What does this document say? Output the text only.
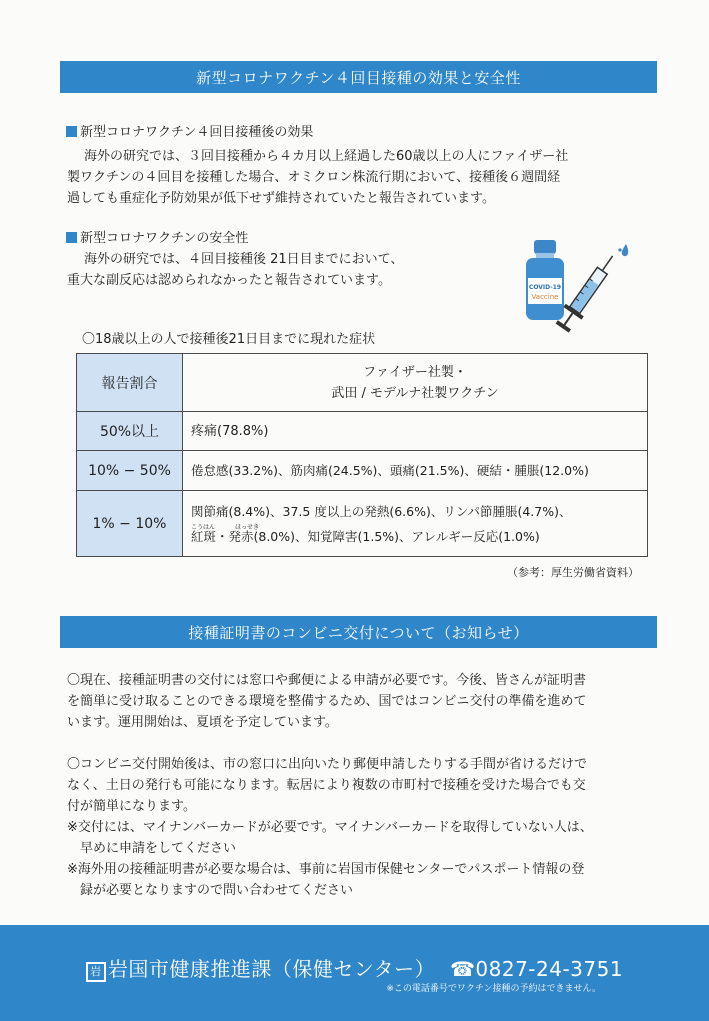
新型コロナワクチン４回目接種の効果と安全性
新型コロナワクチン４回目接種後の効果
海外の研究では、３回目接種から４カ月以上経過した60歳以上の人にファイザー社
製ワクチンの４回目を接種した場合、オミクロン株流行期において、接種後６週間経
過しても重症化予防効果が低下せず維持されていたと報告されています。
新型コロナワクチンの安全性
海外の研究では、４回目接種後 21日目までにおいて、
重大な副反応は認められなかったと報告されています。	COVID-19
Vaccine
〇18歳以上の人で接種後21日目までに現れた症状
報告割合	ファイザー社製・
武田 / モデルナ社製ワクチン

50%以上	疼痛(78.8%)
10% − 50%	倦怠感(33.2%)、筋肉痛(24.5%)、頭痛(21.5%)、硬結・腫脹(12.0%)
1% − 10%	関節痛(8.4%)、37.5 度以上の発熱(6.6%)、リンパ節腫脹(4.7%)、
こうはん ほっせき
紅斑・発赤(8.0%)、知覚障害(1.5%)、アレルギー反応(1.0%)
（参考：厚生労働省資料）
接種証明書のコンビニ交付について（お知らせ）
〇現在、接種証明書の交付には窓口や郵便による申請が必要です。今後、皆さんが証明書
を簡単に受け取ることのできる環境を整備するため、国ではコンビニ交付の準備を進めて
います。運用開始は、夏頃を予定しています。
〇コンビニ交付開始後は、市の窓口に出向いたり郵便申請したりする手間が省けるだけで
なく、土日の発行も可能になります。転居により複数の市町村で接種を受けた場合でも交
付が簡単になります。
※交付には、マイナンバーカードが必要です。マイナンバーカードを取得していない人は、
早めに申請をしてください
※海外用の接種証明書が必要な場合は、事前に岩国市保健センターでパスポート情報の登
録が必要となりますので問い合わせてください
岩 岩国市健康推進課（保健センター） ☎0827-24-3751
※この電話番号でワクチン接種の予約はできません。
